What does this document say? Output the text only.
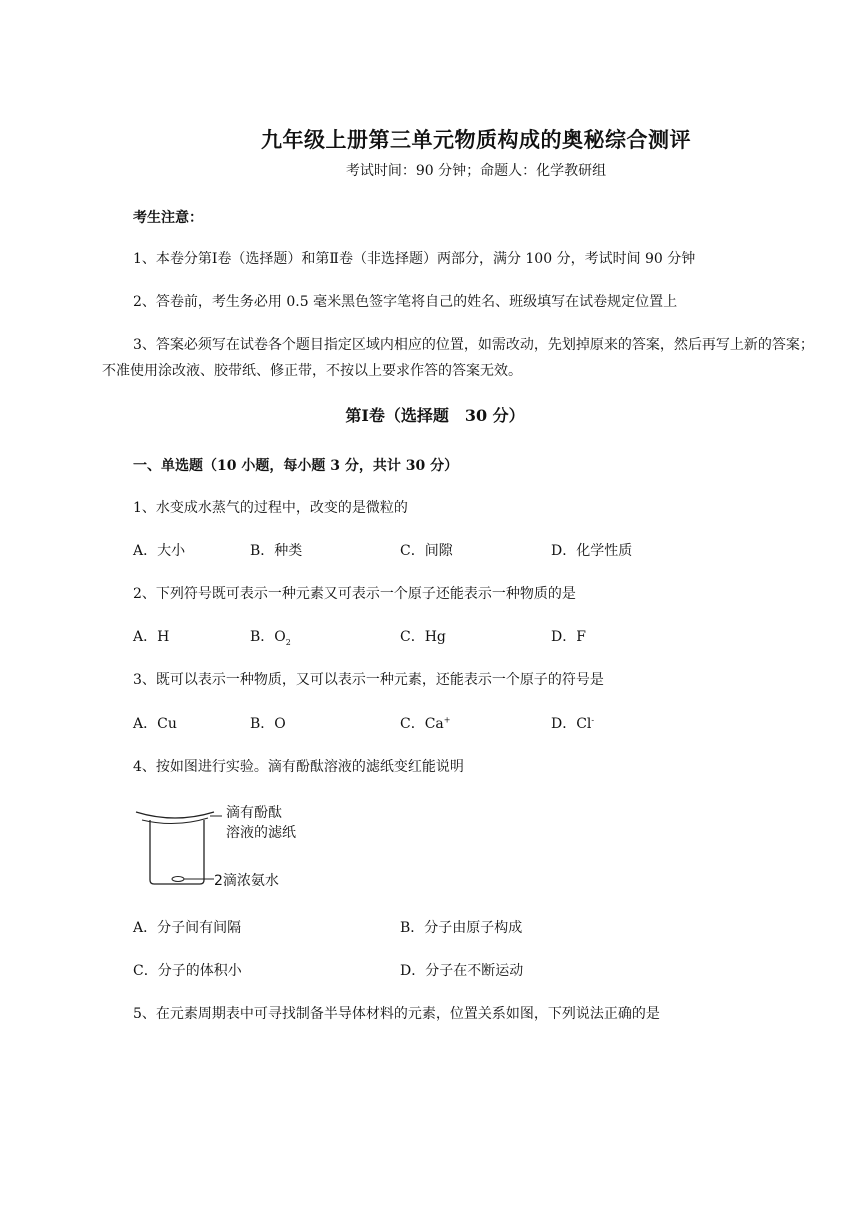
九年级上册第三单元物质构成的奥秘综合测评
考试时间：90 分钟；命题人：化学教研组
考生注意：
1、本卷分第Ⅰ卷（选择题）和第Ⅱ卷（非选择题）两部分，满分 100 分，考试时间 90 分钟
2、答卷前，考生务必用 0.5 毫米黑色签字笔将自己的姓名、班级填写在试卷规定位置上
3、答案必须写在试卷各个题目指定区域内相应的位置，如需改动，先划掉原来的答案，然后再写上新的答案；不准使用涂改液、胶带纸、修正带，不按以上要求作答的答案无效。
第Ⅰ卷（选择题　30 分）
一、单选题（10 小题，每小题 3 分，共计 30 分）
1、水变成水蒸气的过程中，改变的是微粒的
A．大小	B．种类	C．间隙	D．化学性质
2、下列符号既可表示一种元素又可表示一个原子还能表示一种物质的是
A．H	B．$O_2$	C．Hg	D．F
3、既可以表示一种物质，又可以表示一种元素，还能表示一个原子的符号是
A．Cu	B．O	C．Ca+	D．Cl-
4、按如图进行实验。滴有酚酞溶液的滤纸变红能说明
滴有酚酞
溶液的滤纸
2滴浓氨水
A．分子间有间隔	B．分子由原子构成
C．分子的体积小	D．分子在不断运动
5、在元素周期表中可寻找制备半导体材料的元素，位置关系如图，下列说法正确的是
